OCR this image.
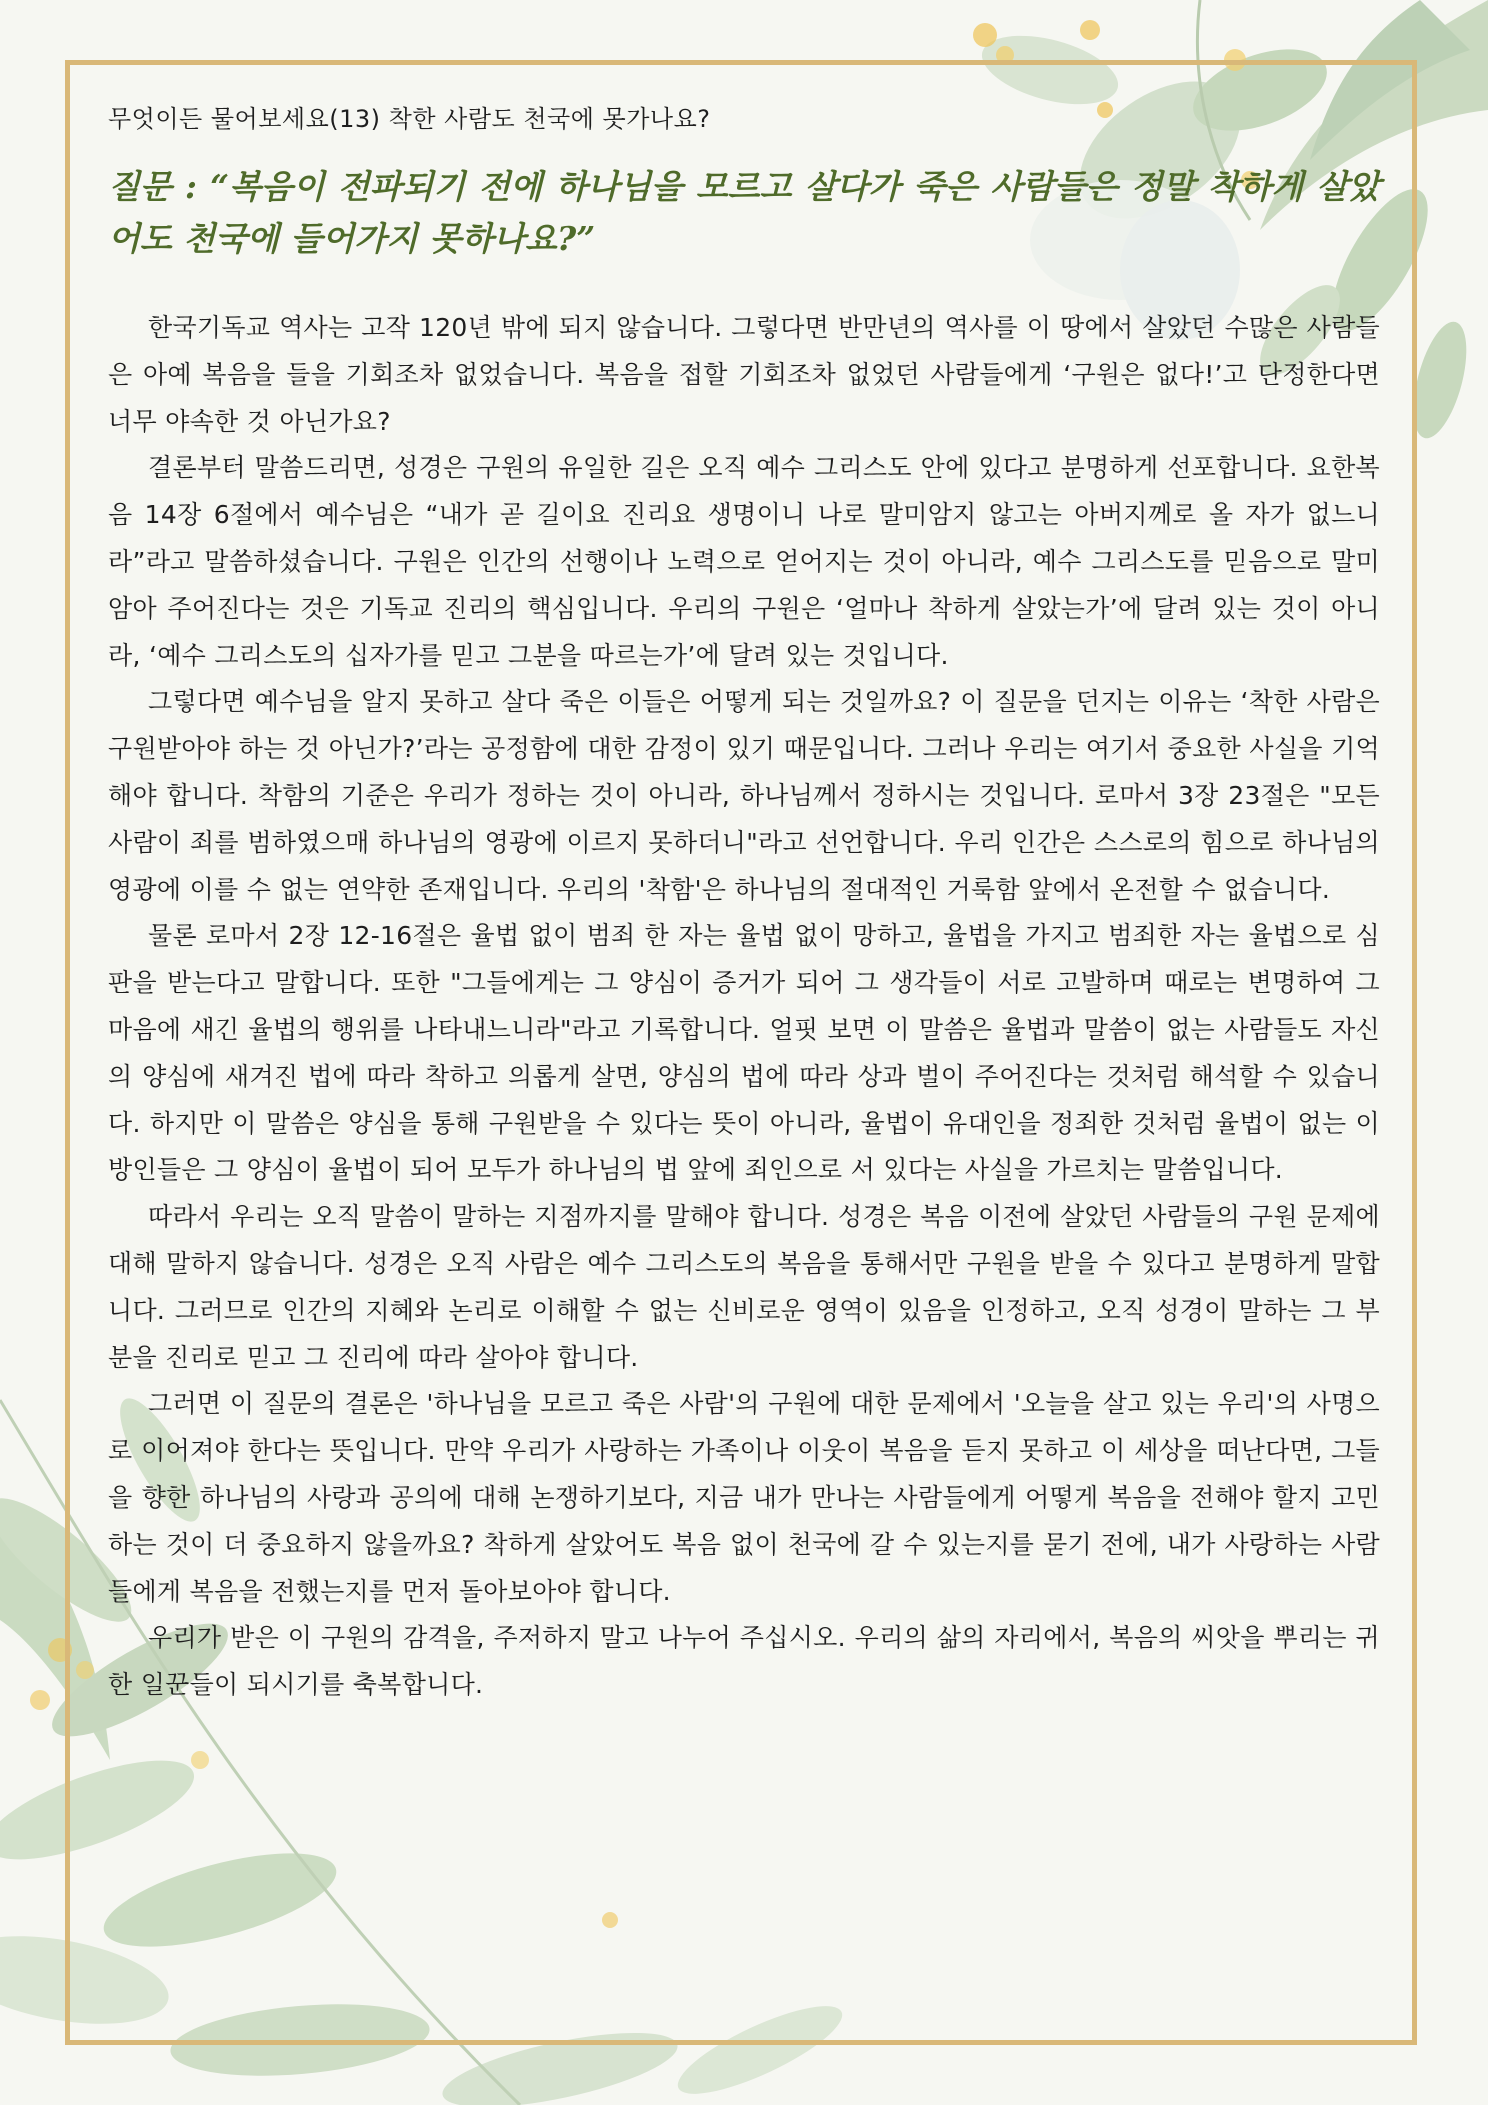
무엇이든 물어보세요(13) 착한 사람도 천국에 못가나요?
질문 : “복음이 전파되기 전에 하나님을 모르고 살다가 죽은 사람들은 정말 착하게 살았어도 천국에 들어가지 못하나요?”

한국기독교 역사는 고작 120년 밖에 되지 않습니다. 그렇다면 반만년의 역사를 이 땅에서 살았던 수많은 사람들은 아예 복음을 들을 기회조차 없었습니다. 복음을 접할 기회조차 없었던 사람들에게 ‘구원은 없다!’고 단정한다면 너무 야속한 것 아닌가요?

결론부터 말씀드리면, 성경은 구원의 유일한 길은 오직 예수 그리스도 안에 있다고 분명하게 선포합니다. 요한복음 14장 6절에서 예수님은 “내가 곧 길이요 진리요 생명이니 나로 말미암지 않고는 아버지께로 올 자가 없느니라”라고 말씀하셨습니다. 구원은 인간의 선행이나 노력으로 얻어지는 것이 아니라, 예수 그리스도를 믿음으로 말미암아 주어진다는 것은 기독교 진리의 핵심입니다. 우리의 구원은 ‘얼마나 착하게 살았는가’에 달려 있는 것이 아니라, ‘예수 그리스도의 십자가를 믿고 그분을 따르는가’에 달려 있는 것입니다.

그렇다면 예수님을 알지 못하고 살다 죽은 이들은 어떻게 되는 것일까요? 이 질문을 던지는 이유는 ‘착한 사람은 구원받아야 하는 것 아닌가?’라는 공정함에 대한 감정이 있기 때문입니다. 그러나 우리는 여기서 중요한 사실을 기억해야 합니다. 착함의 기준은 우리가 정하는 것이 아니라, 하나님께서 정하시는 것입니다. 로마서 3장 23절은 "모든 사람이 죄를 범하였으매 하나님의 영광에 이르지 못하더니"라고 선언합니다. 우리 인간은 스스로의 힘으로 하나님의 영광에 이를 수 없는 연약한 존재입니다. 우리의 '착함'은 하나님의 절대적인 거룩함 앞에서 온전할 수 없습니다.

물론 로마서 2장 12-16절은 율법 없이 범죄 한 자는 율법 없이 망하고, 율법을 가지고 범죄한 자는 율법으로 심판을 받는다고 말합니다. 또한 "그들에게는 그 양심이 증거가 되어 그 생각들이 서로 고발하며 때로는 변명하여 그 마음에 새긴 율법의 행위를 나타내느니라"라고 기록합니다. 얼핏 보면 이 말씀은 율법과 말씀이 없는 사람들도 자신의 양심에 새겨진 법에 따라 착하고 의롭게 살면, 양심의 법에 따라 상과 벌이 주어진다는 것처럼 해석할 수 있습니다. 하지만 이 말씀은 양심을 통해 구원받을 수 있다는 뜻이 아니라, 율법이 유대인을 정죄한 것처럼 율법이 없는 이방인들은 그 양심이 율법이 되어 모두가 하나님의 법 앞에 죄인으로 서 있다는 사실을 가르치는 말씀입니다.

따라서 우리는 오직 말씀이 말하는 지점까지를 말해야 합니다. 성경은 복음 이전에 살았던 사람들의 구원 문제에 대해 말하지 않습니다. 성경은 오직 사람은 예수 그리스도의 복음을 통해서만 구원을 받을 수 있다고 분명하게 말합니다. 그러므로 인간의 지혜와 논리로 이해할 수 없는 신비로운 영역이 있음을 인정하고, 오직 성경이 말하는 그 부분을 진리로 믿고 그 진리에 따라 살아야 합니다.

그러면 이 질문의 결론은 '하나님을 모르고 죽은 사람'의 구원에 대한 문제에서 '오늘을 살고 있는 우리'의 사명으로 이어져야 한다는 뜻입니다. 만약 우리가 사랑하는 가족이나 이웃이 복음을 듣지 못하고 이 세상을 떠난다면, 그들을 향한 하나님의 사랑과 공의에 대해 논쟁하기보다, 지금 내가 만나는 사람들에게 어떻게 복음을 전해야 할지 고민하는 것이 더 중요하지 않을까요? 착하게 살았어도 복음 없이 천국에 갈 수 있는지를 묻기 전에, 내가 사랑하는 사람들에게 복음을 전했는지를 먼저 돌아보아야 합니다.

우리가 받은 이 구원의 감격을, 주저하지 말고 나누어 주십시오. 우리의 삶의 자리에서, 복음의 씨앗을 뿌리는 귀한 일꾼들이 되시기를 축복합니다.
